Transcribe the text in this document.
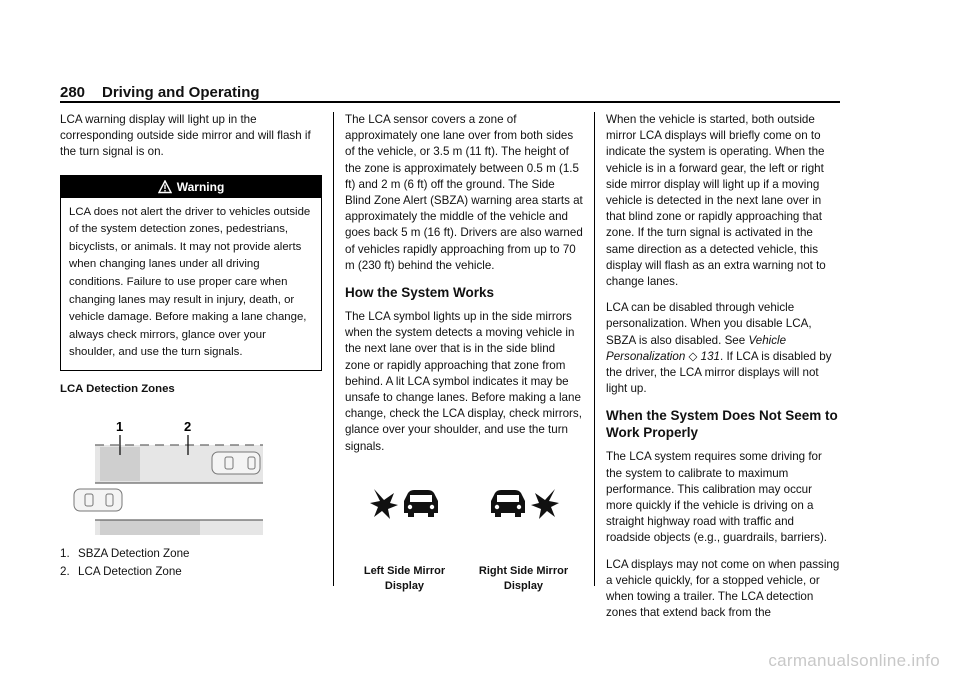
280 Driving and Operating

LCA warning display will light up in the corresponding outside side mirror and will flash if the turn signal is on.

Warning
LCA does not alert the driver to vehicles outside of the system detection zones, pedestrians, bicyclists, or animals. It may not provide alerts when changing lanes under all driving conditions. Failure to use proper care when changing lanes may result in injury, death, or vehicle damage. Before making a lane change, always check mirrors, glance over your shoulder, and use the turn signals.
LCA Detection Zones
1	2
1. SBZA Detection Zone
2. LCA Detection Zone

The LCA sensor covers a zone of approximately one lane over from both sides of the vehicle, or 3.5 m (11 ft). The height of the zone is approximately between 0.5 m (1.5 ft) and 2 m (6 ft) off the ground. The Side Blind Zone Alert (SBZA) warning area starts at approximately the middle of the vehicle and goes back 5 m (16 ft). Drivers are also warned of vehicles rapidly approaching from up to 70 m (230 ft) behind the vehicle.

How the System Works

The LCA symbol lights up in the side mirrors when the system detects a moving vehicle in the next lane over that is in the side blind zone or rapidly approaching that zone from behind. A lit LCA symbol indicates it may be unsafe to change lanes. Before making a lane change, check the LCA display, check mirrors, glance over your shoulder, and use the turn signals.

Left Side Mirror
Display
Right Side Mirror
Display

When the vehicle is started, both outside mirror LCA displays will briefly come on to indicate the system is operating. When the vehicle is in a forward gear, the left or right side mirror display will light up if a moving vehicle is detected in the next lane over in that blind zone or rapidly approaching that zone. If the turn signal is activated in the same direction as a detected vehicle, this display will flash as an extra warning not to change lanes.

LCA can be disabled through vehicle personalization. When you disable LCA, SBZA is also disabled. See Vehicle Personalization ◇ 131. If LCA is disabled by the driver, the LCA mirror displays will not light up.

When the System Does Not Seem to Work Properly

The LCA system requires some driving for the system to calibrate to maximum performance. This calibration may occur more quickly if the vehicle is driving on a straight highway road with traffic and roadside objects (e.g., guardrails, barriers).

LCA displays may not come on when passing a vehicle quickly, for a stopped vehicle, or when towing a trailer. The LCA detection zones that extend back from the

carmanualsonline.info
